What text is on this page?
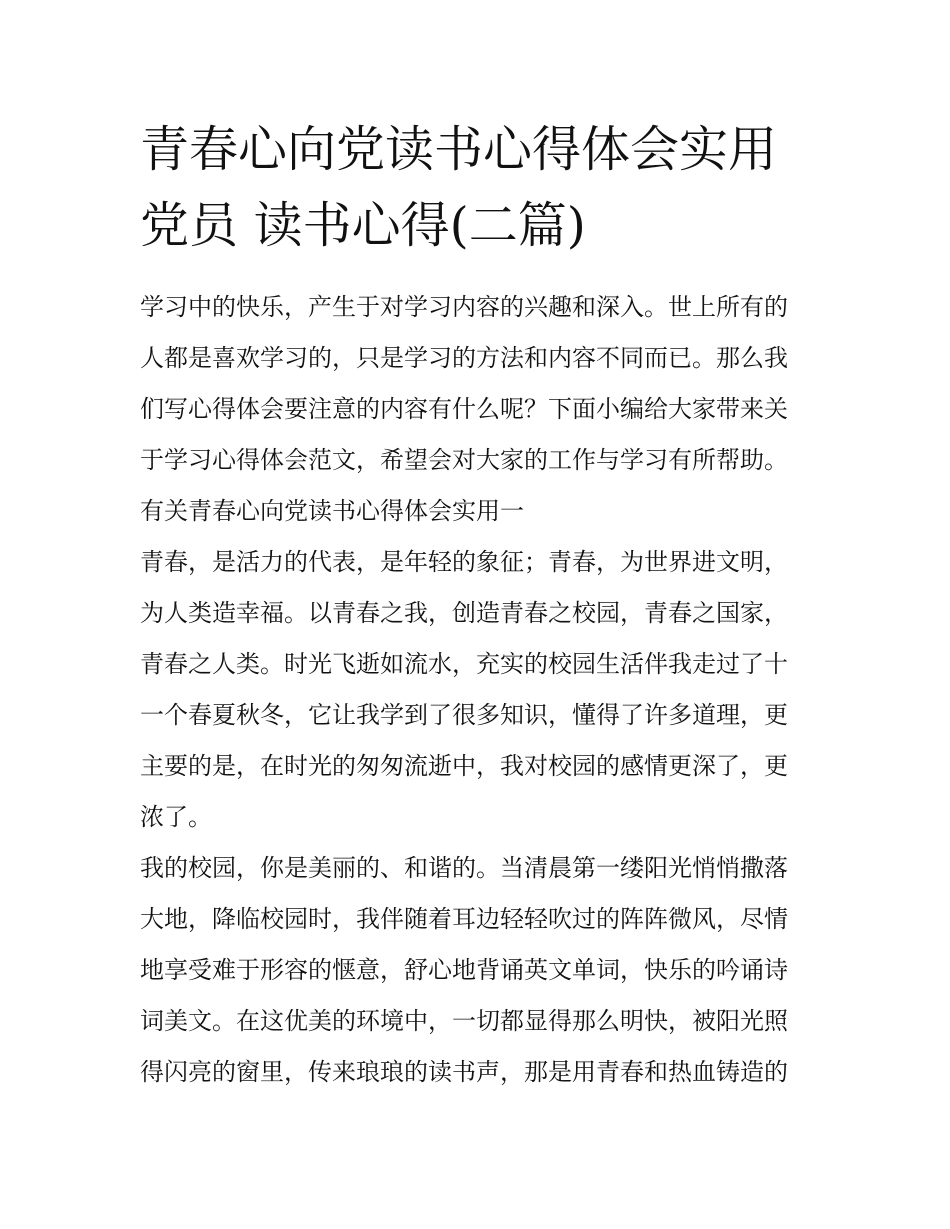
青春心向党读书心得体会实用
党员 读书心得(二篇)
学习中的快乐，产生于对学习内容的兴趣和深入。世上所有的
人都是喜欢学习的，只是学习的方法和内容不同而已。那么我
们写心得体会要注意的内容有什么呢？下面小编给大家带来关
于学习心得体会范文，希望会对大家的工作与学习有所帮助。
有关青春心向党读书心得体会实用一
青春，是活力的代表，是年轻的象征；青春，为世界进文明，
为人类造幸福。以青春之我，创造青春之校园，青春之国家，
青春之人类。时光飞逝如流水，充实的校园生活伴我走过了十
一个春夏秋冬，它让我学到了很多知识，懂得了许多道理，更
主要的是，在时光的匆匆流逝中，我对校园的感情更深了，更
浓了。
我的校园，你是美丽的、和谐的。当清晨第一缕阳光悄悄撒落
大地，降临校园时，我伴随着耳边轻轻吹过的阵阵微风，尽情
地享受难于形容的惬意，舒心地背诵英文单词，快乐的吟诵诗
词美文。在这优美的环境中，一切都显得那么明快，被阳光照
得闪亮的窗里，传来琅琅的读书声，那是用青春和热血铸造的
